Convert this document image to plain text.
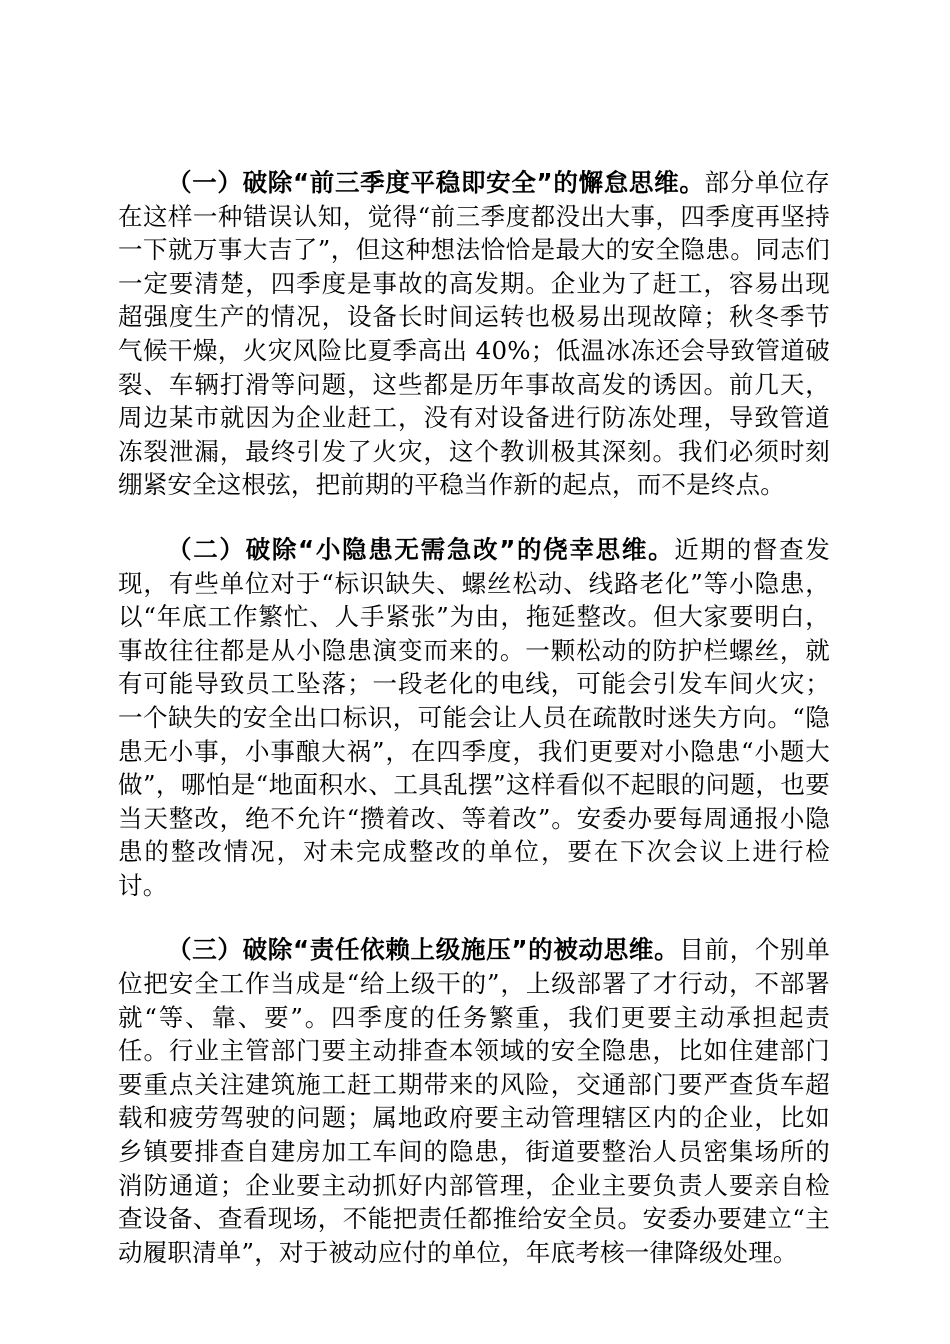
（一）破除“前三季度平稳即安全”的懈怠思维。部分单位存在这样一种错误认知，觉得“前三季度都没出大事，四季度再坚持一下就万事大吉了”，但这种想法恰恰是最大的安全隐患。同志们一定要清楚，四季度是事故的高发期。企业为了赶工，容易出现超强度生产的情况，设备长时间运转也极易出现故障；秋冬季节气候干燥，火灾风险比夏季高出 40%；低温冰冻还会导致管道破裂、车辆打滑等问题，这些都是历年事故高发的诱因。前几天，周边某市就因为企业赶工，没有对设备进行防冻处理，导致管道冻裂泄漏，最终引发了火灾，这个教训极其深刻。我们必须时刻绷紧安全这根弦，把前期的平稳当作新的起点，而不是终点。

（二）破除“小隐患无需急改”的侥幸思维。近期的督查发现，有些单位对于“标识缺失、螺丝松动、线路老化”等小隐患，以“年底工作繁忙、人手紧张”为由，拖延整改。但大家要明白，事故往往都是从小隐患演变而来的。一颗松动的防护栏螺丝，就有可能导致员工坠落；一段老化的电线，可能会引发车间火灾；一个缺失的安全出口标识，可能会让人员在疏散时迷失方向。“隐患无小事，小事酿大祸”，在四季度，我们更要对小隐患“小题大做”，哪怕是“地面积水、工具乱摆”这样看似不起眼的问题，也要当天整改，绝不允许“攒着改、等着改”。安委办要每周通报小隐患的整改情况，对未完成整改的单位，要在下次会议上进行检讨。

（三）破除“责任依赖上级施压”的被动思维。目前，个别单位把安全工作当成是“给上级干的”，上级部署了才行动，不部署就“等、靠、要”。四季度的任务繁重，我们更要主动承担起责任。行业主管部门要主动排查本领域的安全隐患，比如住建部门要重点关注建筑施工赶工期带来的风险，交通部门要严查货车超载和疲劳驾驶的问题；属地政府要主动管理辖区内的企业，比如乡镇要排查自建房加工车间的隐患，街道要整治人员密集场所的消防通道；企业要主动抓好内部管理，企业主要负责人要亲自检查设备、查看现场，不能把责任都推给安全员。安委办要建立“主动履职清单”，对于被动应付的单位，年底考核一律降级处理。
